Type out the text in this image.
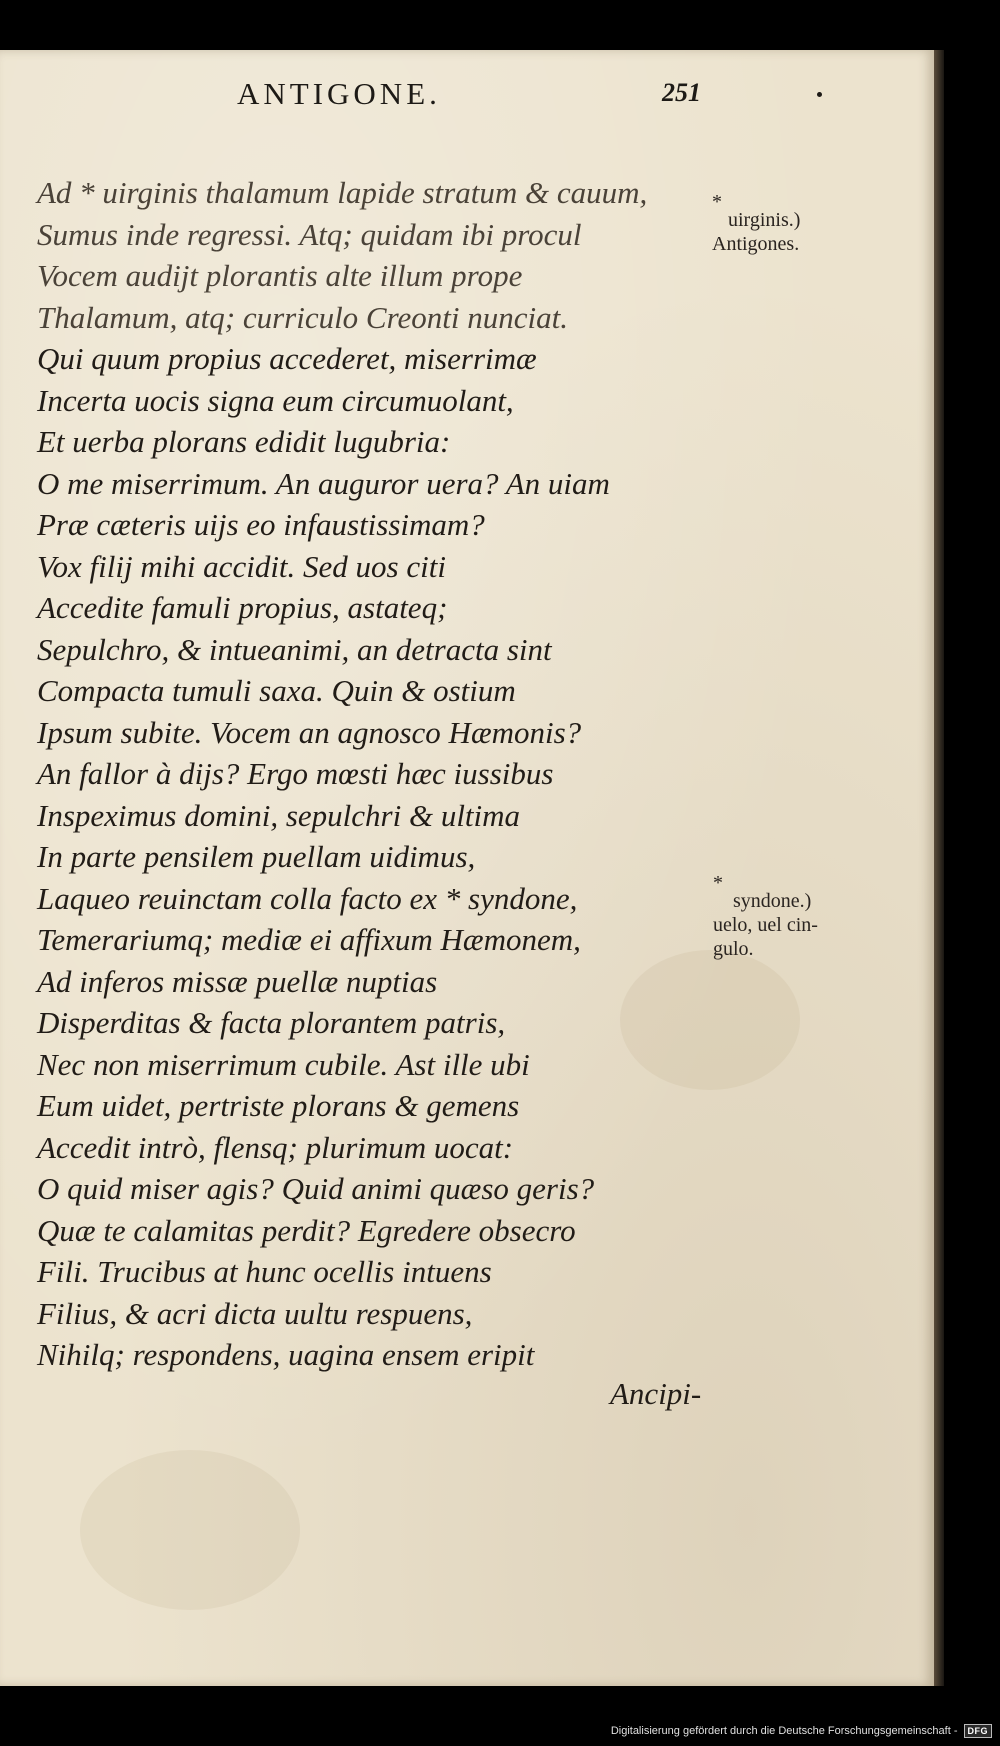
ANTIGONE.	251
Ad * uirginis thalamum lapide stratum & cauum,
Sumus inde regressi. Atq; quidam ibi procul
Vocem audijt plorantis alte illum prope
Thalamum, atq; curriculo Creonti nunciat.
Qui quum propius accederet, miserrimæ
Incerta uocis signa eum circumuolant,
Et uerba plorans edidit lugubria:
O me miserrimum. An auguror uera? An uiam
Præ cæteris uijs eo infaustissimam?
Vox filij mihi accidit. Sed uos citi
Accedite famuli propius, astateq;
Sepulchro, & intueanimi, an detracta sint
Compacta tumuli saxa. Quin & ostium
Ipsum subite. Vocem an agnosco Hæmonis?
An fallor à dijs? Ergo mœsti hæc iussibus
Inspeximus domini, sepulchri & ultima
In parte pensilem puellam uidimus,
Laqueo reuinctam colla facto ex * syndone,
Temerariumq; mediæ ei affixum Hæmonem,
Ad inferos missæ puellæ nuptias
Disperditas & facta plorantem patris,
Nec non miserrimum cubile. Ast ille ubi
Eum uidet, pertriste plorans & gemens
Accedit intrò, flensq; plurimum uocat:
O quid miser agis? Quid animi quæso geris?
Quæ te calamitas perdit? Egredere obsecro
Fili. Trucibus at hunc ocellis intuens
Filius, & acri dicta uultu respuens,
Nihilq; respondens, uagina ensem eripit
*
uirginis.)
Antigones.
*
syndone.)
uelo, uel cin-
gulo.
Ancipi-
Digitalisierung gefördert durch die Deutsche Forschungsgemeinschaft -	DFG
